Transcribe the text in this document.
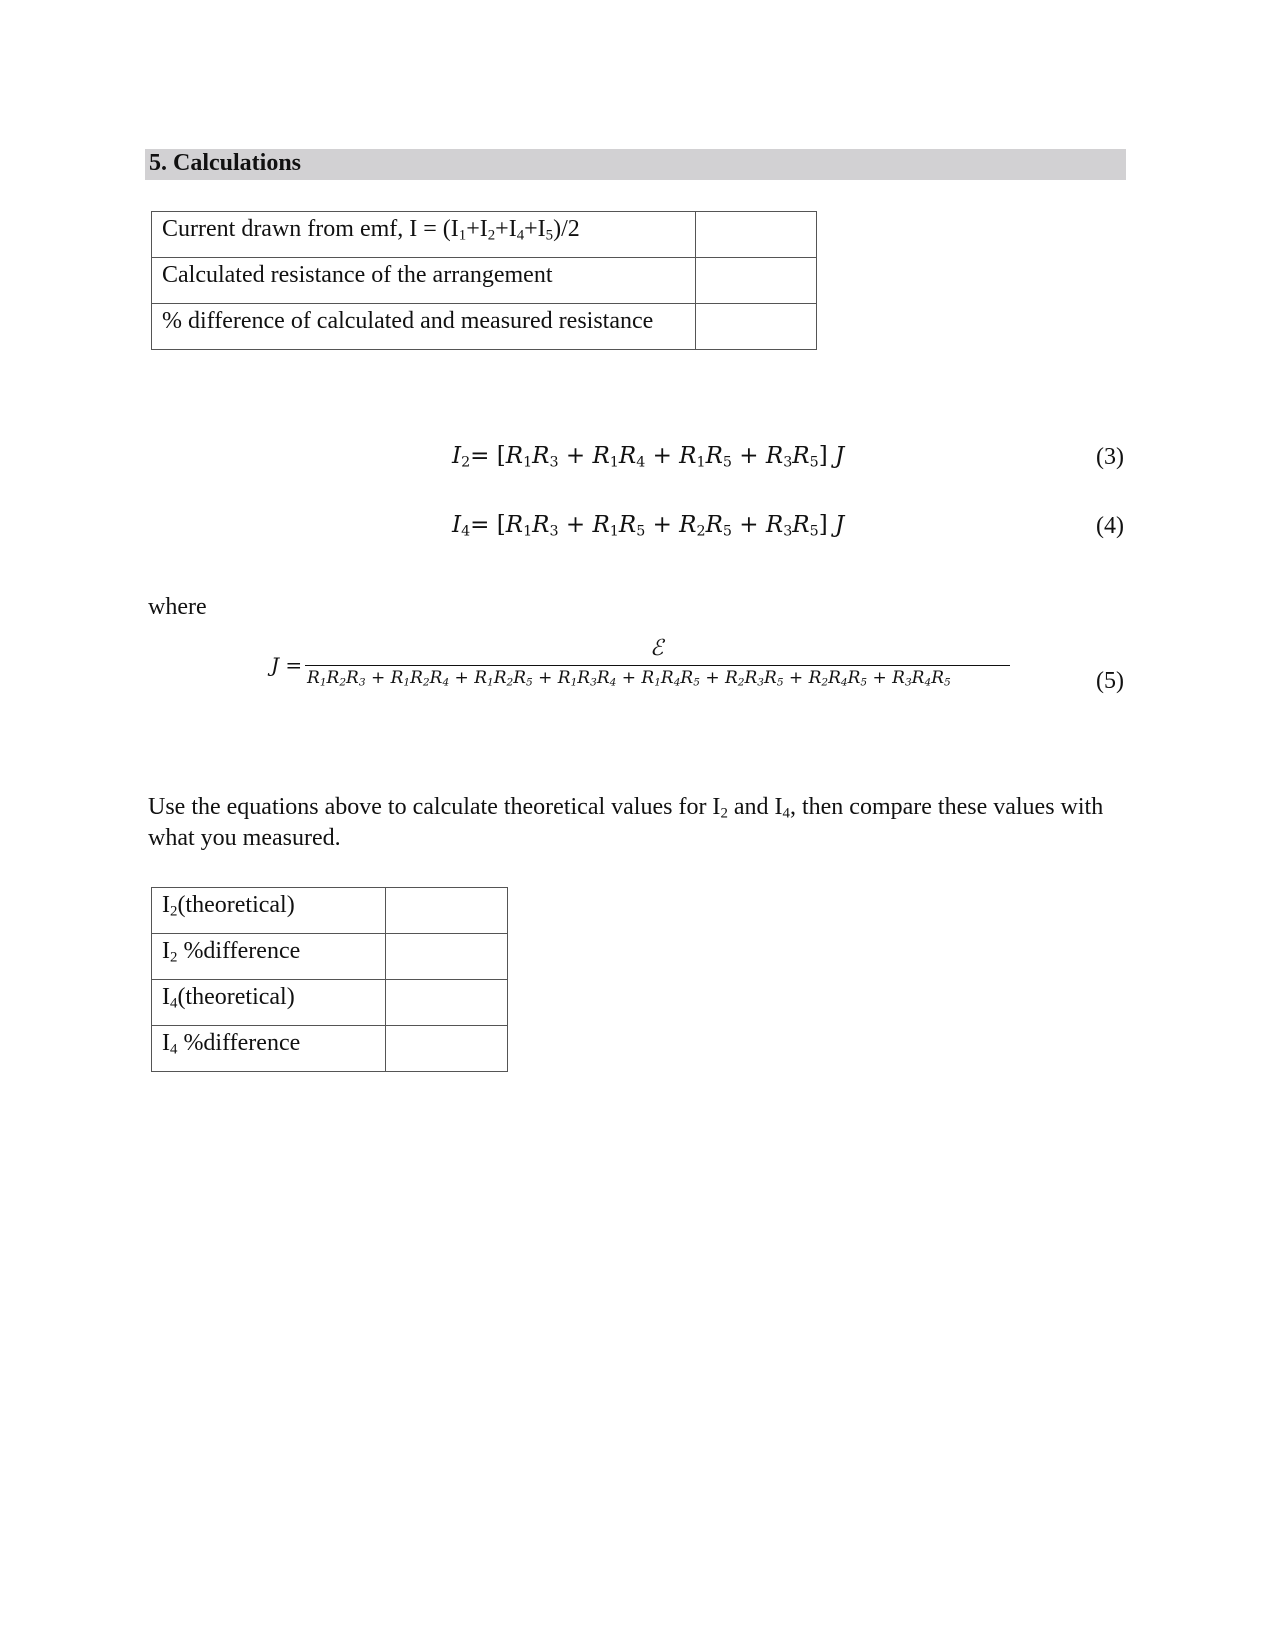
5. Calculations
Current drawn from emf, $I = (I_1+I_2+I_4+I_5)/2$	
Calculated resistance of the arrangement	
% difference of calculated and measured resistance	
$I_2= [R_1R_3 + R_1R_4 + R_1R_5 + R_3R_5]$ J	(3)
$I_4= [R_1R_3 + R_1R_5 + R_2R_5 + R_3R_5]$ J	(4)
where
J =
ℰ
$R_1R_2R_3 + R_1R_2R_4 + R_1R_2R_5 + R_1R_3R_4 + R_1R_4R_5 + R_2R_3R_5 + R_2R_4R_5 + R_3R_4R_5$	(5)
Use the equations above to calculate theoretical values for $I_2$ and $I_4$, then compare these values with what you measured.
$I_2(theoretical)$	
$I_2$ %difference	
$I_4(theoretical)$	
$I_4$ %difference	
